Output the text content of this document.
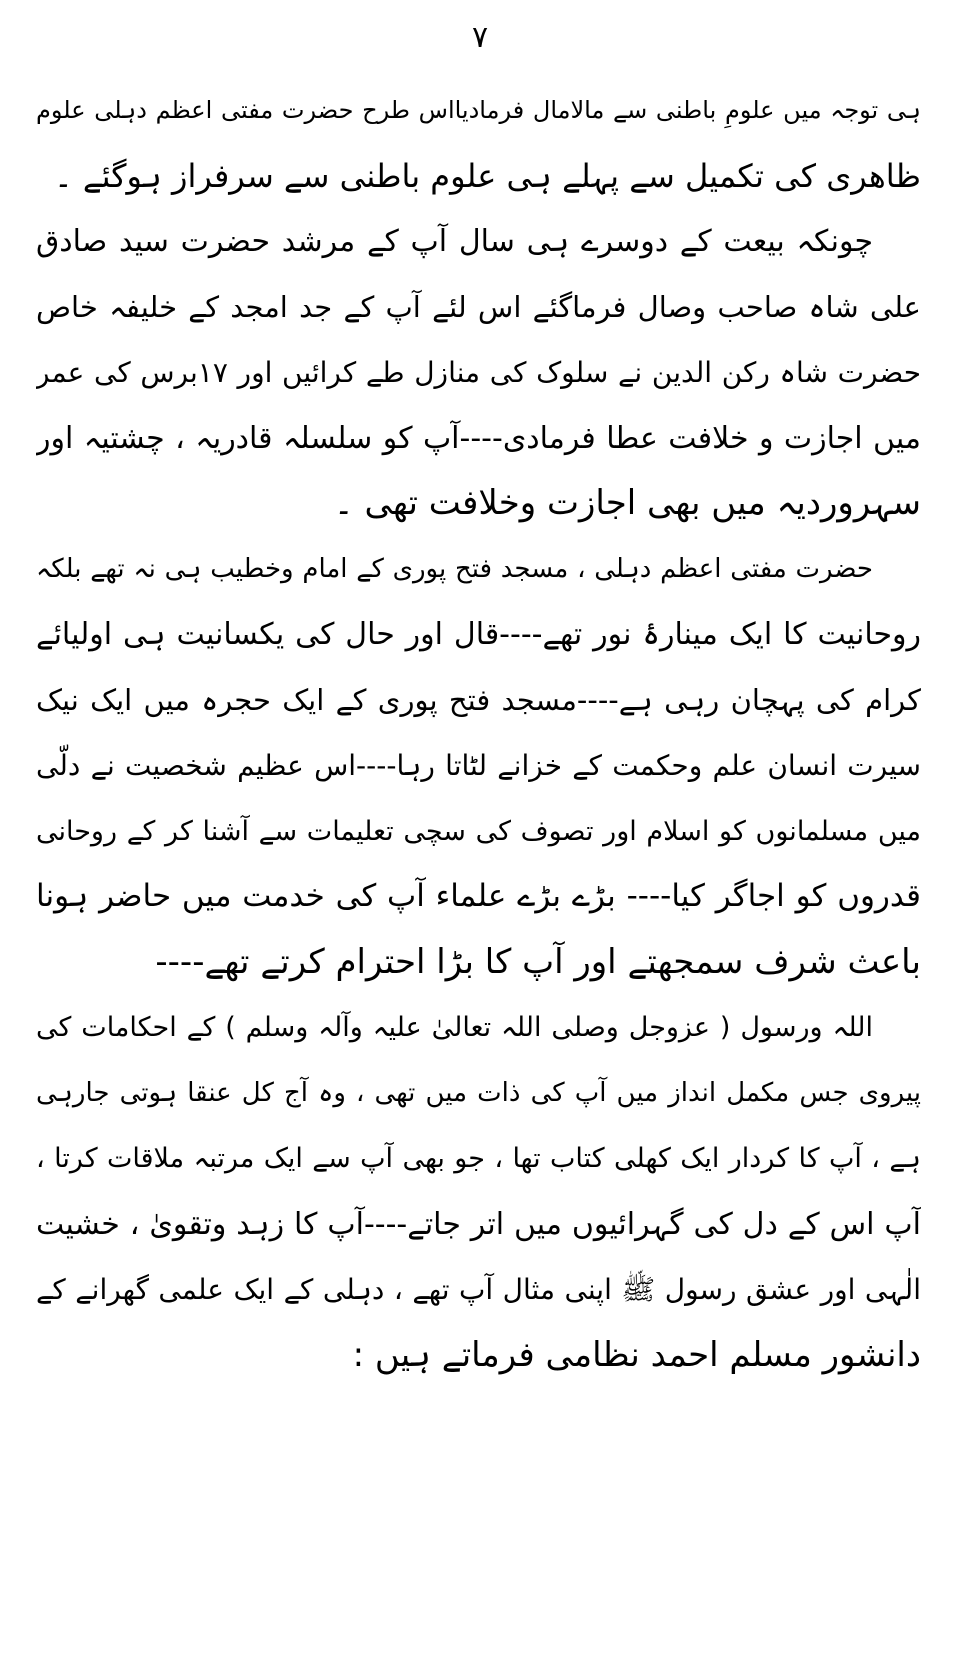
۷
ہی توجہ میں علومِ باطنی سے مالامال فرمادیااس طرح حضرت مفتی اعظم دہلی علوم
ظاھری کی تکمیل سے پہلے ہی علوم باطنی سے سرفراز ہوگئے ۔
چونکہ بیعت کے دوسرے ہی سال آپ کے مرشد حضرت سید صادق
علی شاہ صاحب وصال فرماگئے اس لئے آپ کے جد امجد کے خلیفہ خاص
حضرت شاہ رکن الدین نے سلوک کی منازل طے کرائیں اور ۱۷برس کی عمر
میں اجازت و خلافت عطا فرمادی----آپ کو سلسلہ قادریہ ، چشتیہ اور
سہروردیہ میں بھی اجازت وخلافت تھی ۔
حضرت مفتی اعظم دہلی ، مسجد فتح پوری کے امام وخطیب ہی نہ تھے بلکہ
روحانیت کا ایک مینارۂ نور تھے----قال اور حال کی یکسانیت ہی اولیائے
کرام کی پہچان رہی ہے----مسجد فتح پوری کے ایک حجرہ میں ایک نیک
سیرت انسان علم وحکمت کے خزانے لٹاتا رہا----اس عظیم شخصیت نے دلّی
میں مسلمانوں کو اسلام اور تصوف کی سچی تعلیمات سے آشنا کر کے روحانی
قدروں کو اجاگر کیا---- بڑے بڑے علماء آپ کی خدمت میں حاضر ہونا
باعث شرف سمجھتے اور آپ کا بڑا احترام کرتے تھے----
اللہ ورسول ( عزوجل وصلی اللہ تعالیٰ علیہ وآلہ وسلم ) کے احکامات کی
پیروی جس مکمل انداز میں آپ کی ذات میں تھی ، وہ آج کل عنقا ہوتی جارہی
ہے ، آپ کا کردار ایک کھلی کتاب تھا ، جو بھی آپ سے ایک مرتبہ ملاقات کرتا ،
آپ اس کے دل کی گہرائیوں میں اتر جاتے----آپ کا زہد وتقویٰ ، خشیت
الٰہی اور عشق رسول ﷺ اپنی مثال آپ تھے ، دہلی کے ایک علمی گھرانے کے
دانشور مسلم احمد نظامی فرماتے ہیں :
